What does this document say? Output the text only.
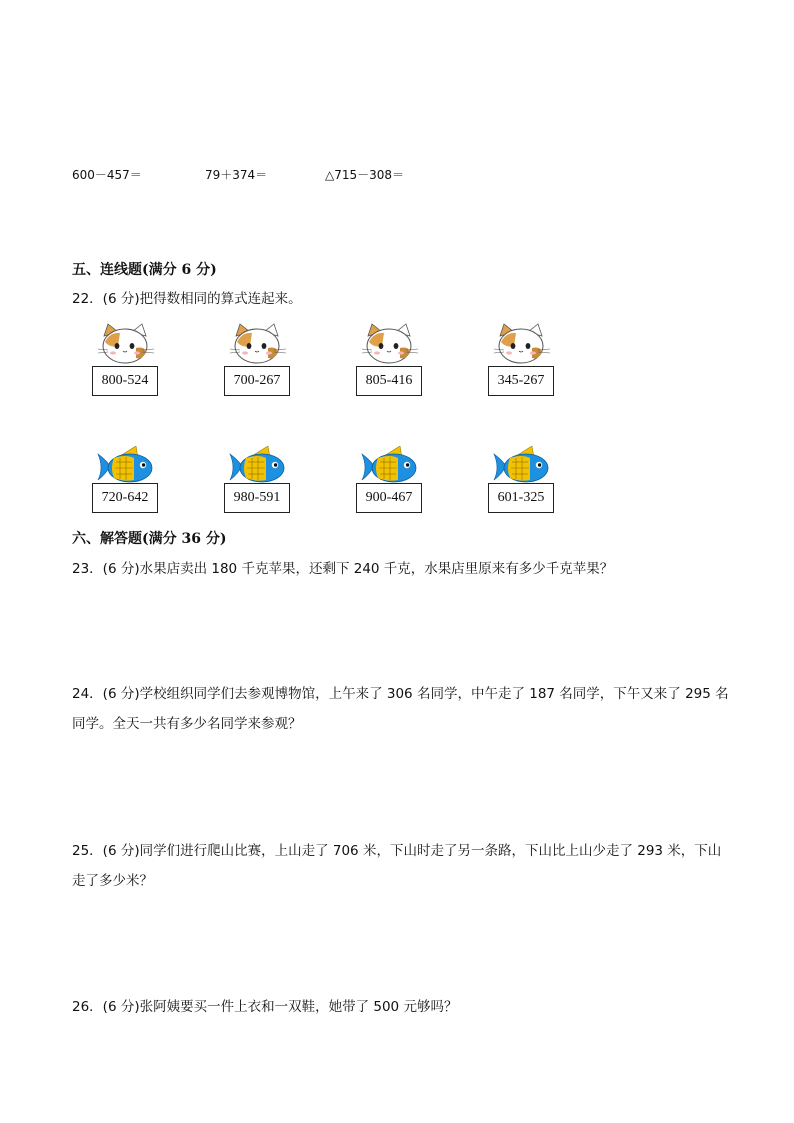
600－457＝	79＋374＝	△715－308＝
五、连线题(满分 6 分)
22．(6 分)把得数相同的算式连起来。
800-524	700-267	805-416	345-267
720-642	980-591	900-467	601-325
六、解答题(满分 36 分)
23．(6 分)水果店卖出 180 千克苹果，还剩下 240 千克，水果店里原来有多少千克苹果？
24．(6 分)学校组织同学们去参观博物馆，上午来了 306 名同学，中午走了 187 名同学，下午又来了 295 名
同学。全天一共有多少名同学来参观？
25．(6 分)同学们进行爬山比赛，上山走了 706 米，下山时走了另一条路，下山比上山少走了 293 米，下山
走了多少米？
26．(6 分)张阿姨要买一件上衣和一双鞋，她带了 500 元够吗？
